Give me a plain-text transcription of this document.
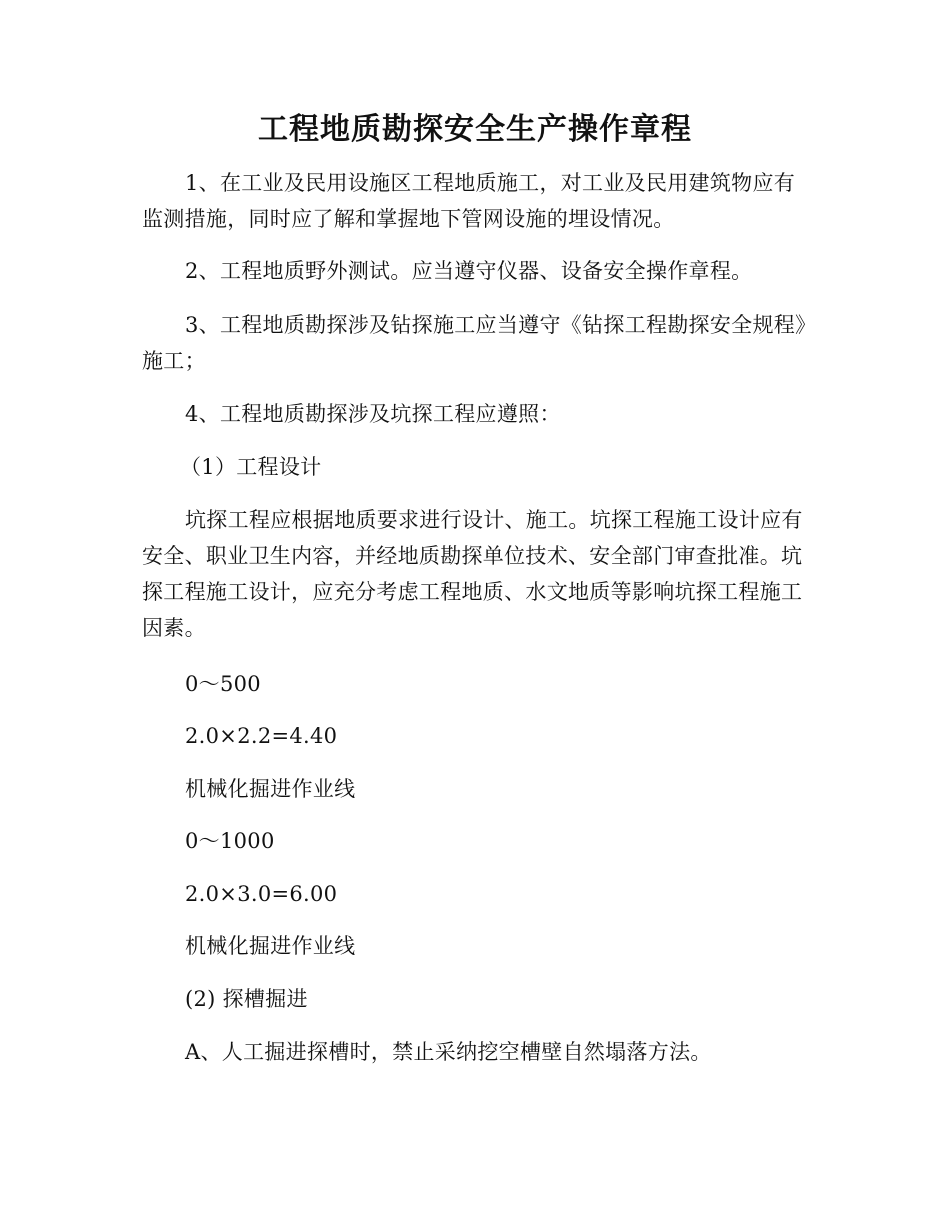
工程地质勘探安全生产操作章程

1、在工业及民用设施区工程地质施工，对工业及民用建筑物应有监测措施，同时应了解和掌握地下管网设施的埋设情况。

2、工程地质野外测试。应当遵守仪器、设备安全操作章程。

3、工程地质勘探涉及钻探施工应当遵守《钻探工程勘探安全规程》施工；

4、工程地质勘探涉及坑探工程应遵照：

（1）工程设计

坑探工程应根据地质要求进行设计、施工。坑探工程施工设计应有安全、职业卫生内容，并经地质勘探单位技术、安全部门审查批准。坑探工程施工设计，应充分考虑工程地质、水文地质等影响坑探工程施工因素。

0～500
2.0×2.2=4.40
机械化掘进作业线
0～1000
2.0×3.0=6.00
机械化掘进作业线
(2) 探槽掘进
A、人工掘进探槽时，禁止采纳挖空槽壁自然塌落方法。
